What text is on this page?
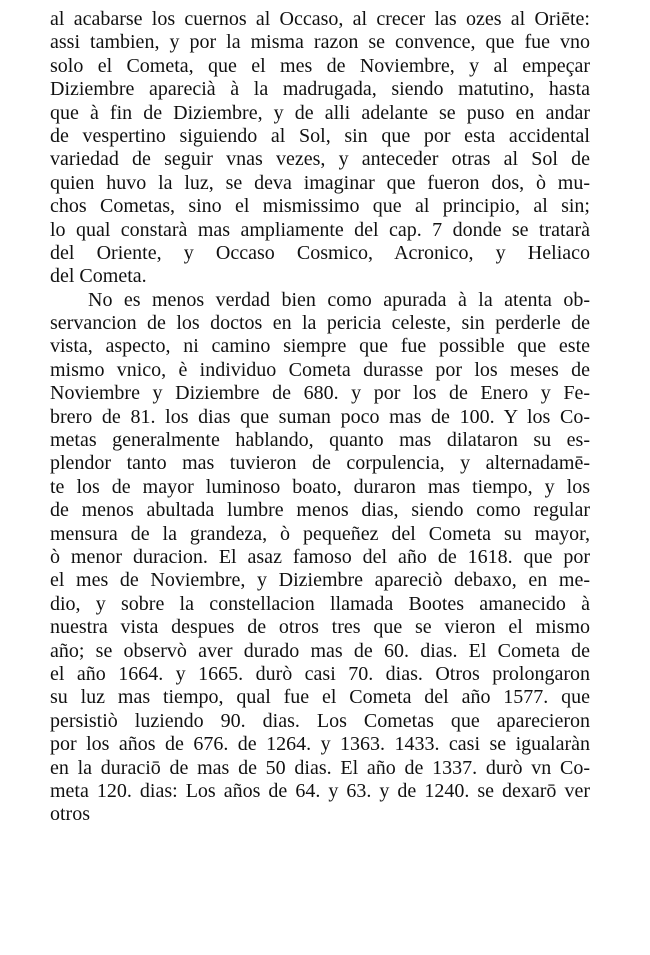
al acabarse los cuernos al Occaso, al crecer las ozes al Oriēte:
assi tambien, y por la misma razon se convence, que fue vno
solo el Cometa, que el mes de Noviembre, y al empeçar
Diziembre aparecià à la madrugada, siendo matutino, hasta
que à fin de Diziembre, y de alli adelante se puso en andar
de vespertino siguiendo al Sol, sin que por esta accidental
variedad de seguir vnas vezes, y anteceder otras al Sol de
quien huvo la luz, se deva imaginar que fueron dos, ò mu-
chos Cometas, sino el mismissimo que al principio, al sin;
lo qual constarà mas ampliamente del cap. 7 donde se tratarà
del Oriente, y Occaso Cosmico, Acronico, y Heliaco
del Cometa.
No es menos verdad bien como apurada à la atenta ob-
servancion de los doctos en la pericia celeste, sin perderle de
vista, aspecto, ni camino siempre que fue possible que este
mismo vnico, è individuo Cometa durasse por los meses de
Noviembre y Diziembre de 680. y por los de Enero y Fe-
brero de 81. los dias que suman poco mas de 100. Y los Co-
metas generalmente hablando, quanto mas dilataron su es-
plendor tanto mas tuvieron de corpulencia, y alternadamē-
te los de mayor luminoso boato, duraron mas tiempo, y los
de menos abultada lumbre menos dias, siendo como regular
mensura de la grandeza, ò pequeñez del Cometa su mayor,
ò menor duracion. El asaz famoso del año de 1618. que por
el mes de Noviembre, y Diziembre apareciò debaxo, en me-
dio, y sobre la constellacion llamada Bootes amanecido à
nuestra vista despues de otros tres que se vieron el mismo
año; se observò aver durado mas de 60. dias. El Cometa de
el año 1664. y 1665. durò casi 70. dias. Otros prolongaron
su luz mas tiempo, qual fue el Cometa del año 1577. que
persistiò luziendo 90. dias. Los Cometas que aparecieron
por los años de 676. de 1264. y 1363. 1433. casi se igualaràn
en la duraciō de mas de 50 dias. El año de 1337. durò vn Co-
meta 120. dias: Los años de 64. y 63. y de 1240. se dexarō ver
otros
